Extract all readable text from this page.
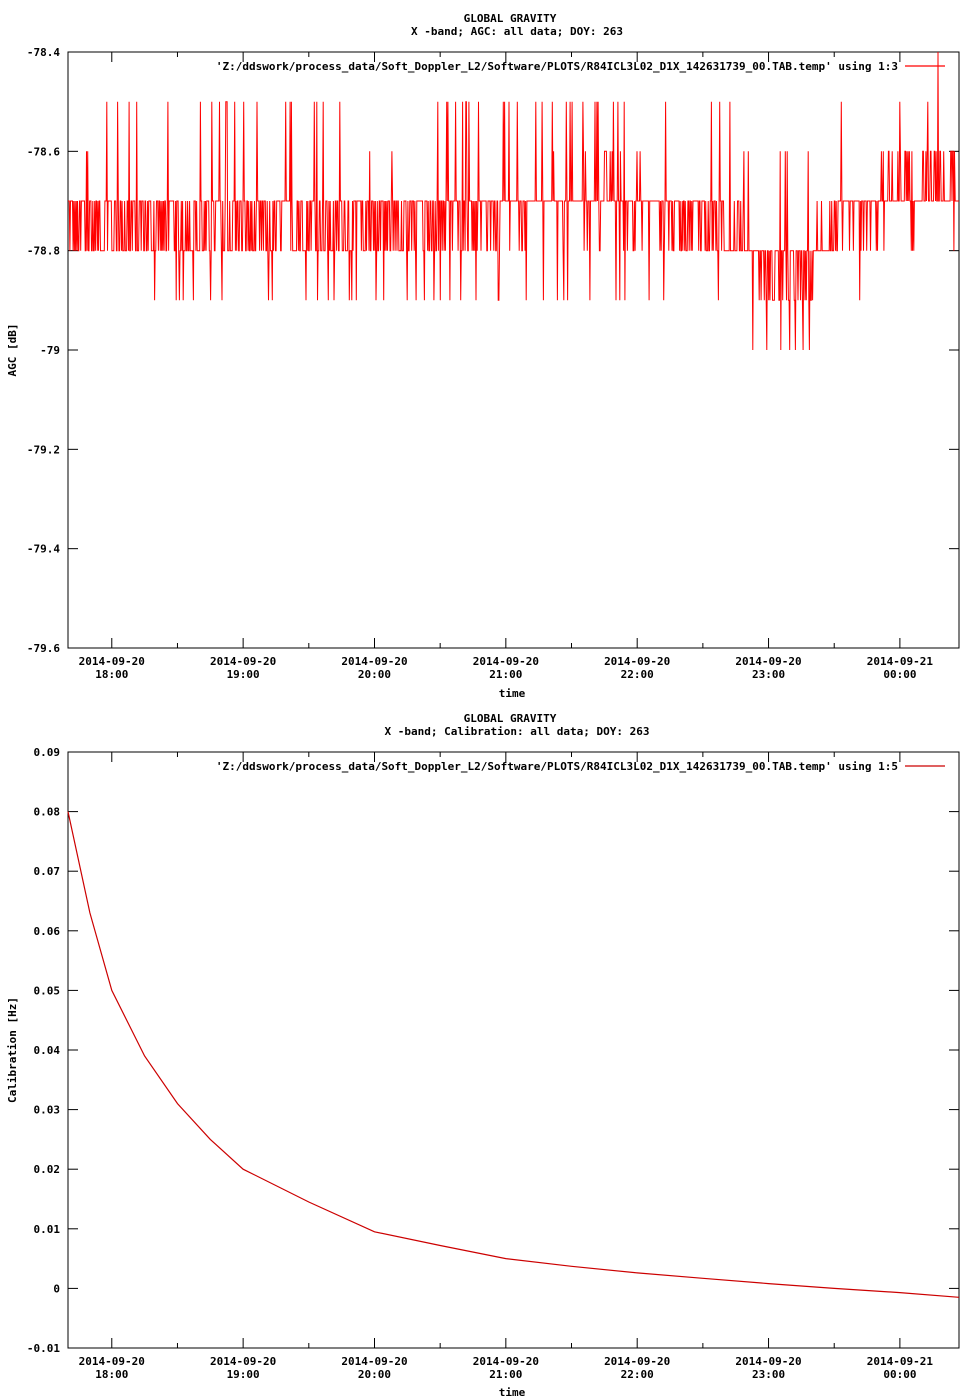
GLOBAL GRAVITY
X -band; AGC: all data; DOY: 263
-78.4
-78.6
-78.8
-79
-79.2
-79.4
-79.6
2014-09-20
18:00
2014-09-20
19:00
2014-09-20
20:00
2014-09-20
21:00
2014-09-20
22:00
2014-09-20
23:00
2014-09-21
00:00
'Z:/ddswork/process_data/Soft_Doppler_L2/Software/PLOTS/R84ICL3L02_D1X_142631739_00.TAB.temp' using 1:3
time
AGC [dB]
GLOBAL GRAVITY
X -band; Calibration: all data; DOY: 263
0.09
0.08
0.07
0.06
0.05
0.04
0.03
0.02
0.01
0
-0.01
2014-09-20
18:00
2014-09-20
19:00
2014-09-20
20:00
2014-09-20
21:00
2014-09-20
22:00
2014-09-20
23:00
2014-09-21
00:00
'Z:/ddswork/process_data/Soft_Doppler_L2/Software/PLOTS/R84ICL3L02_D1X_142631739_00.TAB.temp' using 1:5
time
Calibration [Hz]
